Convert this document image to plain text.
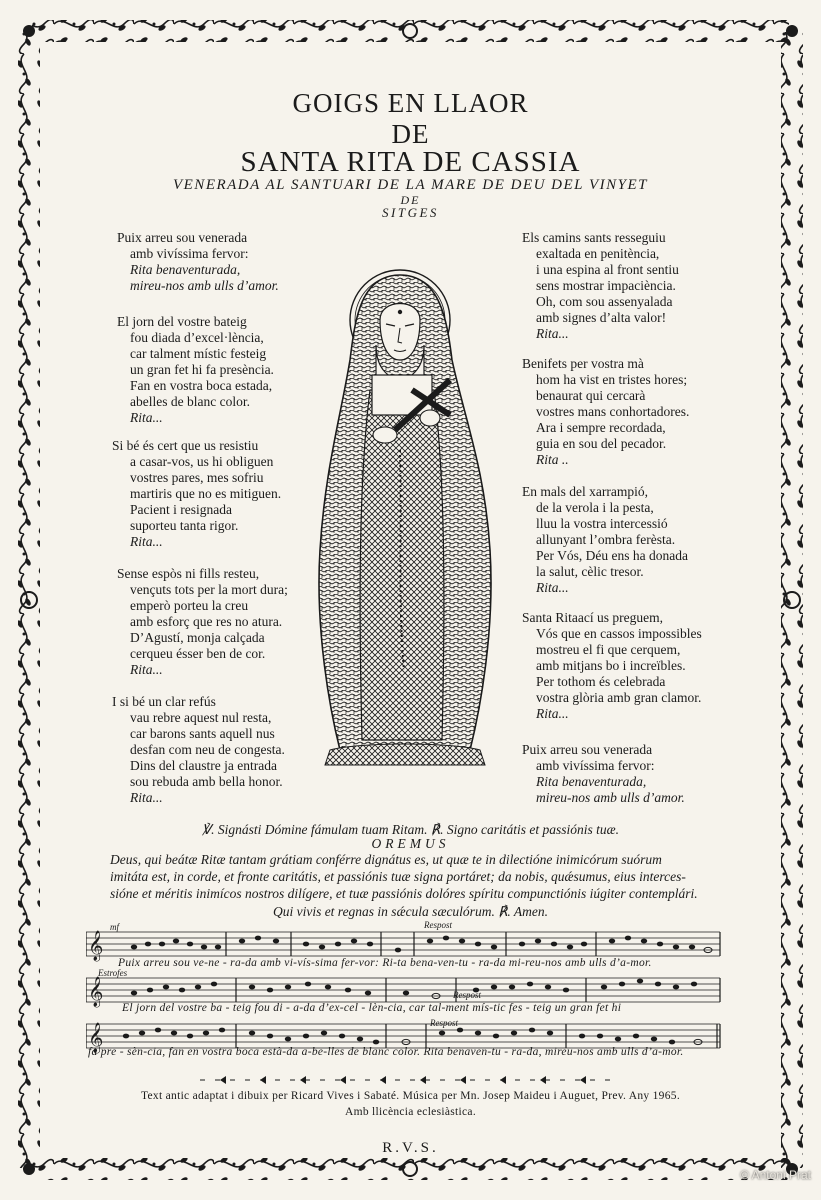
GOIGS EN LLAOR
DE
SANTA RITA DE CASSIA
VENERADA AL SANTUARI DE LA MARE DE DEU DEL VINYET
DE
SITGES
Puix arreu sou venerada
amb vivíssima fervor:
Rita benaventurada,
mireu-nos amb ulls d’amor.
El jorn del vostre bateig
fou diada d’excel·lència,
car talment místic festeig
un gran fet hi fa presència.
Fan en vostra boca estada,
abelles de blanc color.
Rita...
Si bé és cert que us resistiu
a casar-vos, us hi obliguen
vostres pares, mes sofriu
martiris que no es mitiguen.
Pacient i resignada
suporteu tanta rigor.
Rita...
Sense espòs ni fills resteu,
vençuts tots per la mort dura;
emperò porteu la creu
amb esforç que res no atura.
D’Agustí, monja calçada
cerqueu ésser ben de cor.
Rita...
I si bé un clar refús
vau rebre aquest nul resta,
car barons sants aquell nus
desfan com neu de congesta.
Dins del claustre ja entrada
sou rebuda amb bella honor.
Rita...
Els camins sants resseguiu
exaltada en penitència,
i una espina al front sentiu
sens mostrar impaciència.
Oh, com sou assenyalada
amb signes d’alta valor!
Rita...
Benifets per vostra mà
hom ha vist en tristes hores;
benaurat qui cercarà
vostres mans conhortadores.
Ara i sempre recordada,
guia en sou del pecador.
Rita ..
En mals del xarrampió,
de la verola i la pesta,
lluu la vostra intercessió
allunyant l’ombra ferèsta.
Per Vós, Déu ens ha donada
la salut, cèlic tresor.
Rita...
Santa Ritaací us preguem,
Vós que en cassos impossibles
mostreu el fi que cerquem,
amb mitjans bo i increïbles.
Per tothom és celebrada
vostra glòria amb gran clamor.
Rita...
Puix arreu sou venerada
amb vivíssima fervor:
Rita benaventurada,
mireu-nos amb ulls d’amor.
℣. Signásti Dómine fámulam tuam Ritam. ℟. Signo caritátis et passiónis tuæ.
OREMUS
Deus, qui beátæ Ritæ tantam grátiam conférre dignátus es, ut quæ te in dilectióne inimicórum suórum
imitáta est, in corde, et fronte caritátis, et passiónis tuæ signa portáret; da nobis, quǽsumus, eius interces-
sióne et méritis inimícos nostros dilígere, et tuæ passiónis dolóres spíritu compunctiónis iúgiter contemplári.
Qui vivis et regnas in sǽcula sæculórum. ℟. Amen.
𝄞
𝄞
𝄞
mf	Respost
Estrofes
Respost
Respost
Puix arreu sou ve-ne - ra-da amb vi-vís-sima fer-vor: Ri-ta bena-ven-tu - ra-da mi-reu-nos amb ulls d’a-mor.
El jorn del vostre ba - teig fou di - a-da d’ex-cel - lèn-cia, car tal-ment mís-tic fes - teig un gran fet hi
fa pre - sèn-cia, fan en vostra boca està-da a-be-lles de blanc color. Rita benaven-tu - ra-da, mireu-nos amb ulls d’a-mor.
Text antic adaptat i dibuix per Ricard Vives i Sabaté. Música per Mn. Josep Maideu i Auguet, Prev. Any 1965.
Amb llicència eclesiàstica.
R.V.S.
© Antoni Prat
